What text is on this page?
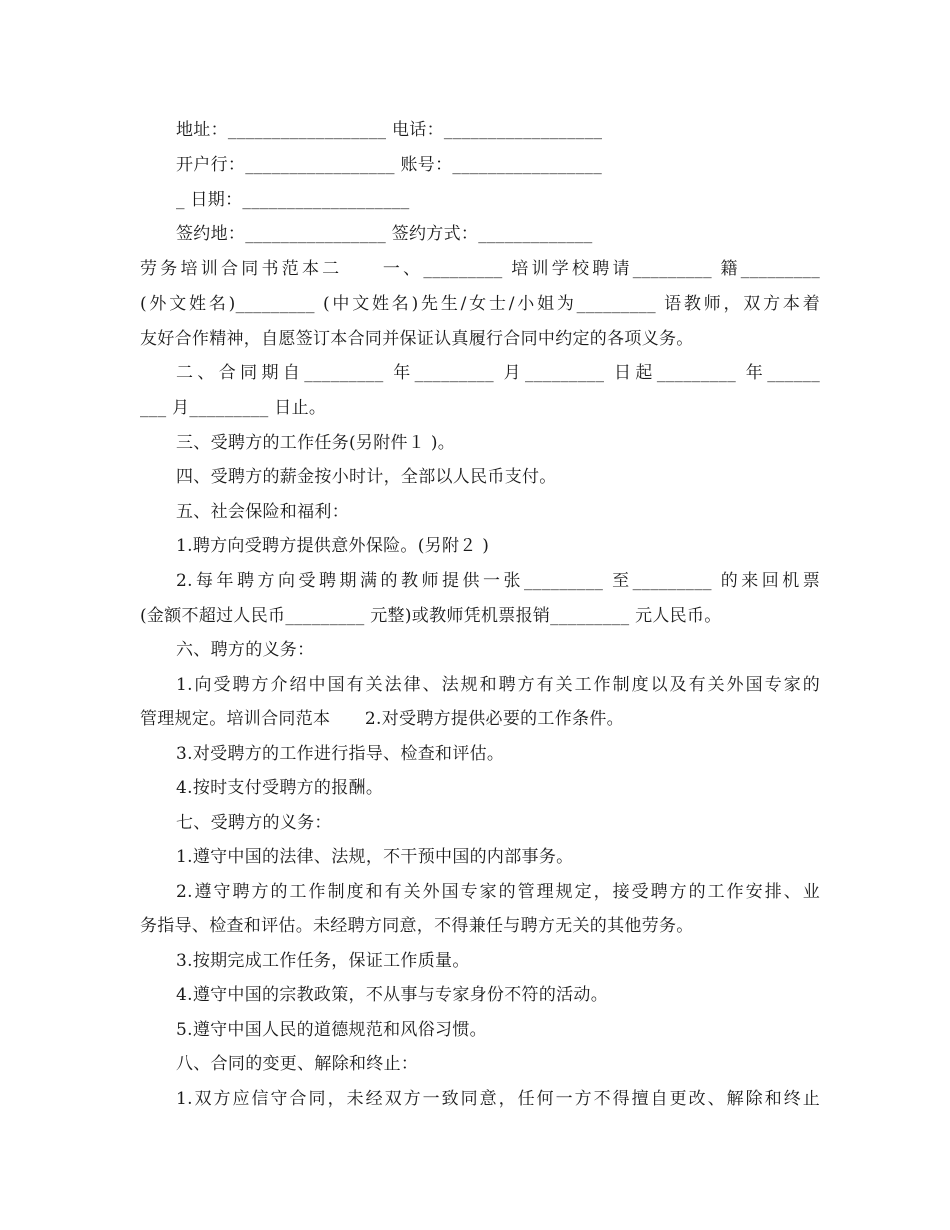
地址：__________________ 电话：__________________
开户行：_________________ 账号：_________________
_ 日期：___________________
签约地：________________ 签约方式：_____________
劳务培训合同书范本二　　一、_________ 培训学校聘请_________ 籍_________
(外文姓名)_________ (中文姓名)先生/女士/小姐为_________ 语教师，双方本着
友好合作精神，自愿签订本合同并保证认真履行合同中约定的各项义务。
二、合同期自_________ 年_________ 月_________ 日起_________ 年______
___ 月_________ 日止。
三、受聘方的工作任务(另附件１ )。
四、受聘方的薪金按小时计，全部以人民币支付。
五、社会保险和福利：
1.聘方向受聘方提供意外保险。(另附２ )
2.每年聘方向受聘期满的教师提供一张_________ 至_________ 的来回机票
(金额不超过人民币_________ 元整)或教师凭机票报销_________ 元人民币。
六、聘方的义务：
1.向受聘方介绍中国有关法律、法规和聘方有关工作制度以及有关外国专家的
管理规定。培训合同范本　　2.对受聘方提供必要的工作条件。
3.对受聘方的工作进行指导、检查和评估。
4.按时支付受聘方的报酬。
七、受聘方的义务：
1.遵守中国的法律、法规，不干预中国的内部事务。
2.遵守聘方的工作制度和有关外国专家的管理规定，接受聘方的工作安排、业
务指导、检查和评估。未经聘方同意，不得兼任与聘方无关的其他劳务。
3.按期完成工作任务，保证工作质量。
4.遵守中国的宗教政策，不从事与专家身份不符的活动。
5.遵守中国人民的道德规范和风俗习惯。
八、合同的变更、解除和终止：
1.双方应信守合同，未经双方一致同意，任何一方不得擅自更改、解除和终止
